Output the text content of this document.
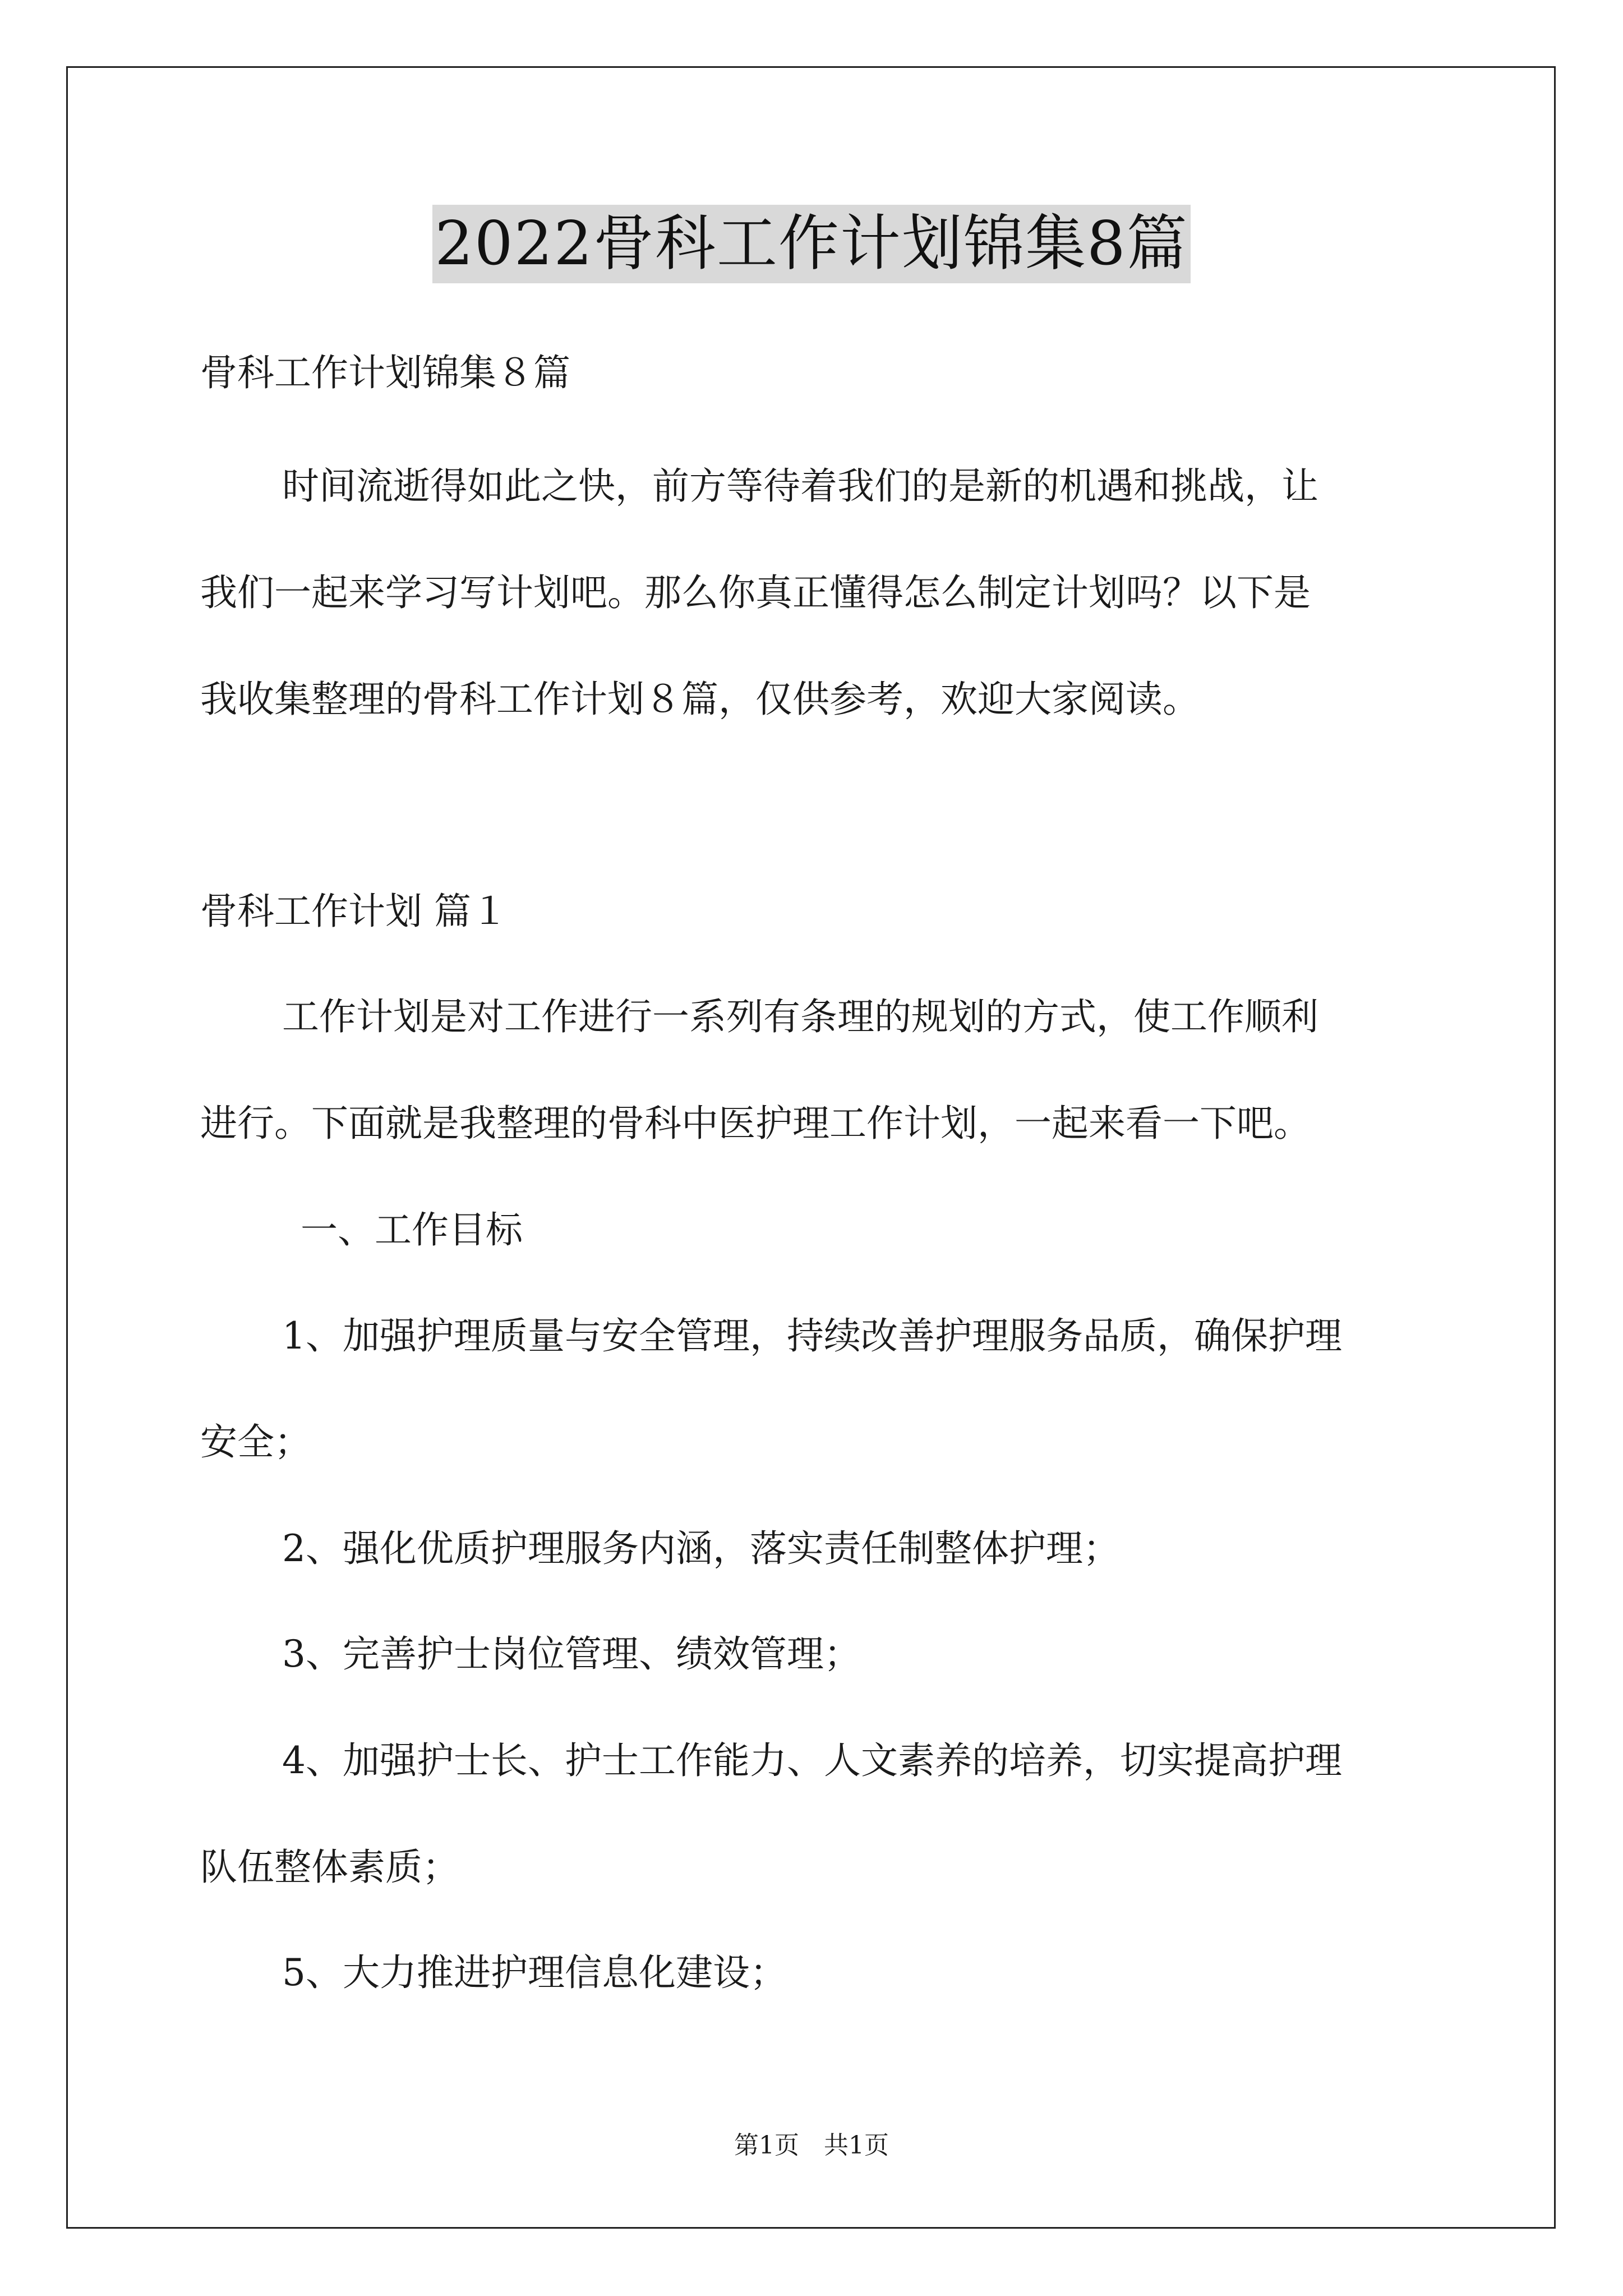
2022骨科工作计划锦集8篇
骨科工作计划锦集８篇
时间流逝得如此之快，前方等待着我们的是新的机遇和挑战，让
我们一起来学习写计划吧。那么你真正懂得怎么制定计划吗？以下是
我收集整理的骨科工作计划８篇，仅供参考，欢迎大家阅读。
骨科工作计划 篇１
工作计划是对工作进行一系列有条理的规划的方式，使工作顺利
进行。下面就是我整理的骨科中医护理工作计划，一起来看一下吧。
　一、工作目标
1、加强护理质量与安全管理，持续改善护理服务品质，确保护理
安全；
2、强化优质护理服务内涵，落实责任制整体护理；
3、完善护士岗位管理、绩效管理；
4、加强护士长、护士工作能力、人文素养的培养，切实提高护理
队伍整体素质；
5、大力推进护理信息化建设；
第1页　共1页
